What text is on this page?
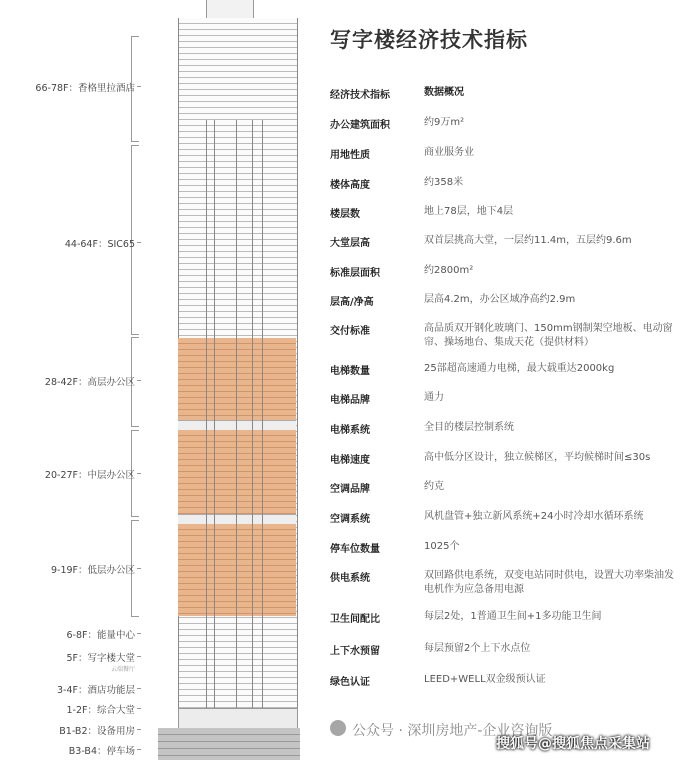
66-78F：香格里拉酒店
44-64F：SIC65
28-42F：高层办公区
20-27F：中层办公区
9-19F：低层办公区
6-8F：能量中心
5F：写字楼大堂
云端餐厅
3-4F：酒店功能层
1-2F：综合大堂
B1-B2：设备用房
B3-B4：停车场
写字楼经济技术指标
经济技术指标	数据概况
办公建筑面积	约9万m²
用地性质	商业服务业
楼体高度	约358米
楼层数	地上78层，地下4层
大堂层高	双首层挑高大堂，一层约11.4m，五层约9.6m
标准层面积	约2800m²
层高/净高	层高4.2m，办公区域净高约2.9m
交付标准	高品质双开钢化玻璃门、150mm钢制架空地板、电动窗帘、操场地台、集成天花（提供材料）
电梯数量	25部超高速通力电梯，最大载重达2000kg
电梯品牌	通力
电梯系统	全目的楼层控制系统
电梯速度	高中低分区设计，独立候梯区，平均候梯时间≤30s
空调品牌	约克
空调系统	风机盘管+独立新风系统+24小时冷却水循环系统
停车位数量	1025个
供电系统	双回路供电系统，双变电站同时供电，设置大功率柴油发电机作为应急备用电源
卫生间配比	每层2处，1普通卫生间+1多功能卫生间
上下水预留	每层预留2个上下水点位
绿色认证	LEED+WELL双金级预认证
公众号 · 深圳房地产-企业咨询版
搜狐号@搜狐焦点采集站
